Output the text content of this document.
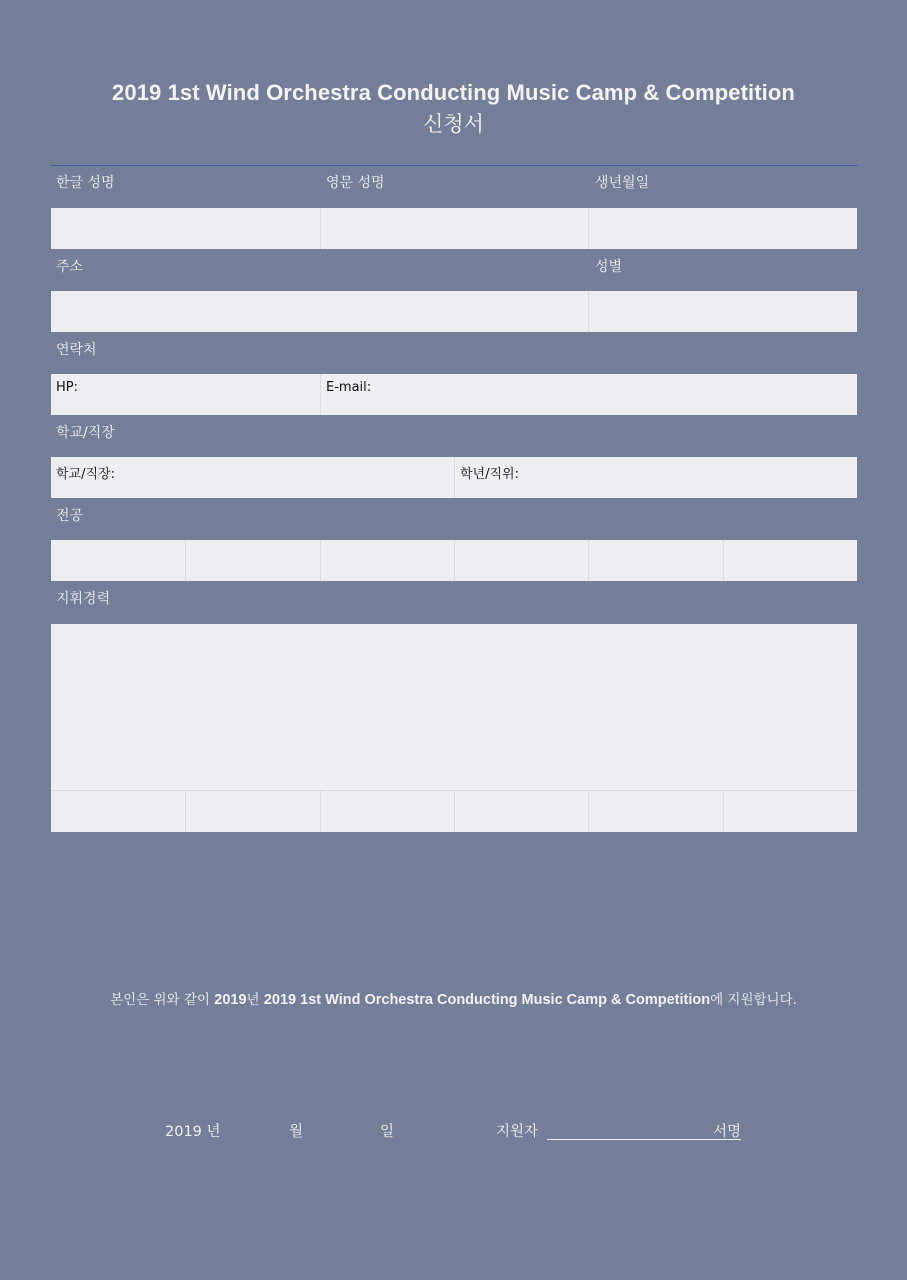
2019 1st Wind Orchestra Conducting Music Camp & Competition
신청서
한글 성명	영문 성명	생년월일
주소	성별
연락처
HP:	E-mail:
학교/직장
학교/직장:	학년/직위:
전공
지휘경력
본인은 위와 같이 2019년 2019 1st Wind Orchestra Conducting Music Camp & Competition에 지원합니다.
2019 년	월	일	지원자	서명
